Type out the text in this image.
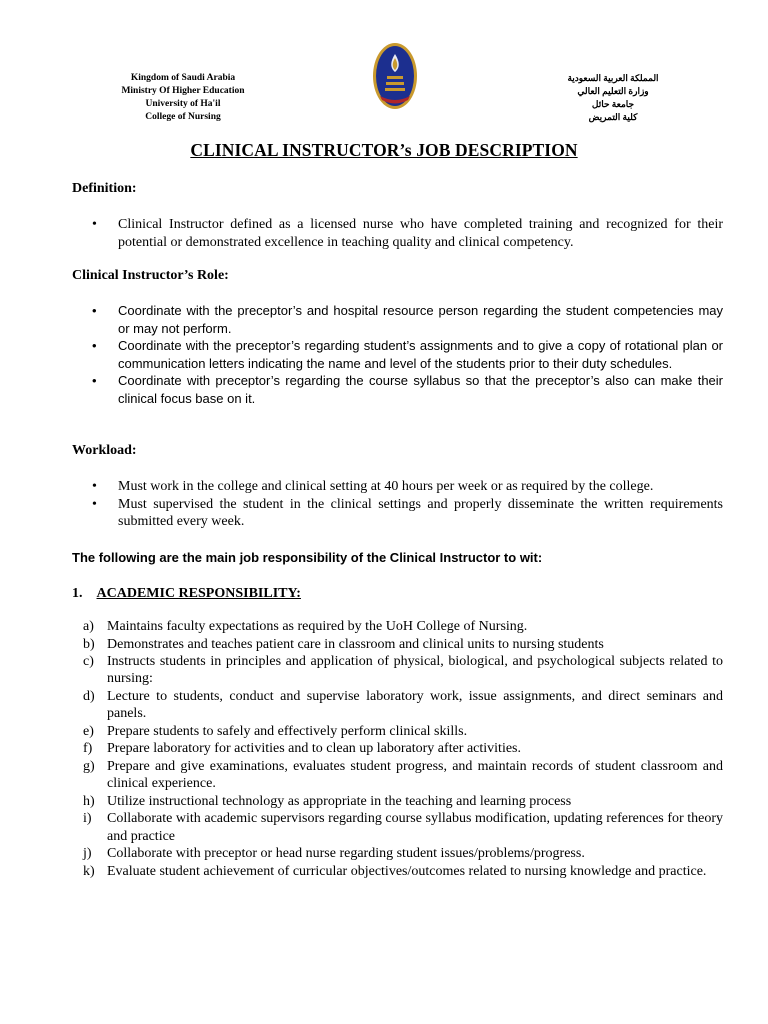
Kingdom of Saudi Arabia
Ministry Of Higher Education
University of Ha'il
College of Nursing
المملكة العربية السعودية
وزارة التعليم العالي
جامعة حائل
كلية التمريض
CLINICAL INSTRUCTOR’s JOB DESCRIPTION
Definition:
• Clinical Instructor defined as a licensed nurse who have completed training and recognized for their potential or demonstrated excellence in teaching quality and clinical competency.
Clinical Instructor’s Role:
• Coordinate with the preceptor’s and hospital resource person regarding the student competencies may or may not perform.
• Coordinate with the preceptor’s regarding student’s assignments and to give a copy of rotational plan or communication letters indicating the name and level of the students prior to their duty schedules.
• Coordinate with preceptor’s regarding the course syllabus so that the preceptor’s also can make their clinical focus base on it.
Workload:
• Must work in the college and clinical setting at 40 hours per week or as required by the college.
• Must supervised the student in the clinical settings and properly disseminate the written requirements submitted every week.
The following are the main job responsibility of the Clinical Instructor to wit:
1. ACADEMIC RESPONSIBILITY:
a) Maintains faculty expectations as required by the UoH College of Nursing.
b) Demonstrates and teaches patient care in classroom and clinical units to nursing students
c) Instructs students in principles and application of physical, biological, and psychological subjects related to nursing:
d) Lecture to students, conduct and supervise laboratory work, issue assignments, and direct seminars and panels.
e) Prepare students to safely and effectively perform clinical skills.
f) Prepare laboratory for activities and to clean up laboratory after activities.
g) Prepare and give examinations, evaluates student progress, and maintain records of student classroom and clinical experience.
h) Utilize instructional technology as appropriate in the teaching and learning process
i) Collaborate with academic supervisors regarding course syllabus modification, updating references for theory and practice
j) Collaborate with preceptor or head nurse regarding student issues/problems/progress.
k) Evaluate student achievement of curricular objectives/outcomes related to nursing knowledge and practice.
